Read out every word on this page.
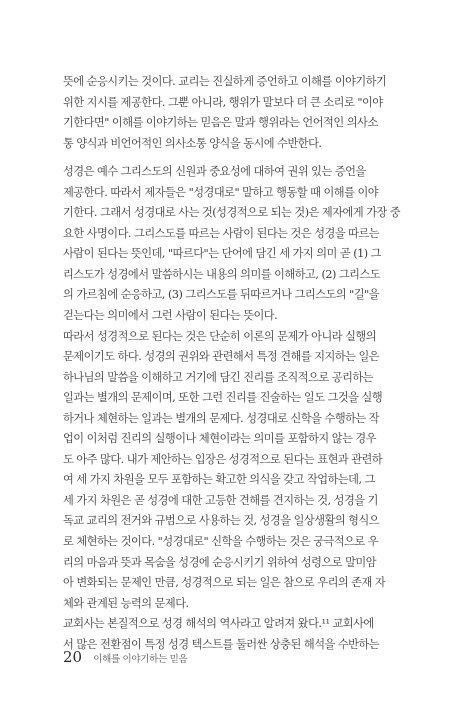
뜻에 순응시키는 것이다. 교리는 진실하게 증언하고 이해를 이야기하기
위한 지시를 제공한다. 그뿐 아니라, 행위가 말보다 더 큰 소리로 "이야
기한다면" 이해를 이야기하는 믿음은 말과 행위라는 언어적인 의사소
통 양식과 비언어적인 의사소통 양식을 동시에 수반한다.
성경은 예수 그리스도의 신원과 중요성에 대하여 권위 있는 증언을
제공한다. 따라서 제자들은 "성경대로" 말하고 행동할 때 이해를 이야
기한다. 그래서 성경대로 사는 것(성경적으로 되는 것)은 제자에게 가장 중
요한 사명이다. 그리스도를 따르는 사람이 된다는 것은 성경을 따르는
사람이 된다는 뜻인데, "따르다"는 단어에 담긴 세 가지 의미 곧 (1) 그
리스도가 성경에서 말씀하시는 내용의 의미를 이해하고, (2) 그리스도
의 가르침에 순응하고, (3) 그리스도를 뒤따르거나 그리스도의 "길"을
걷는다는 의미에서 그런 사람이 된다는 뜻이다.
따라서 성경적으로 된다는 것은 단순히 이론의 문제가 아니라 실행의
문제이기도 하다. 성경의 권위와 관련해서 특정 견해를 지지하는 일은
하나님의 말씀을 이해하고 거기에 담긴 진리를 조직적으로 공리하는
일과는 별개의 문제이며, 또한 그런 진리를 진술하는 일도 그것을 실행
하거나 체현하는 일과는 별개의 문제다. 성경대로 신학을 수행하는 작
업이 이처럼 진리의 실행이나 체현이라는 의미를 포함하지 않는 경우
도 아주 많다. 내가 제안하는 입장은 성경적으로 된다는 표현과 관련하
여 세 가지 차원을 모두 포함하는 확고한 의식을 갖고 작업하는데, 그
세 가지 차원은 곧 성경에 대한 고등한 견해를 견지하는 것, 성경을 기
독교 교리의 전거와 규범으로 사용하는 것, 성경을 일상생활의 형식으
로 체현하는 것이다. "성경대로" 신학을 수행하는 것은 궁극적으로 우
리의 마음과 뜻과 목숨을 성경에 순응시키기 위하여 성령으로 말미암
아 변화되는 문제인 만큼, 성경적으로 되는 일은 참으로 우리의 존재 자
체와 관계된 능력의 문제다.
교회사는 본질적으로 성경 해석의 역사라고 알려져 왔다.¹¹ 교회사에
서 많은 전환점이 특정 성경 텍스트를 둘러싼 상충된 해석을 수반하는
20 이해를 이야기하는 믿음
